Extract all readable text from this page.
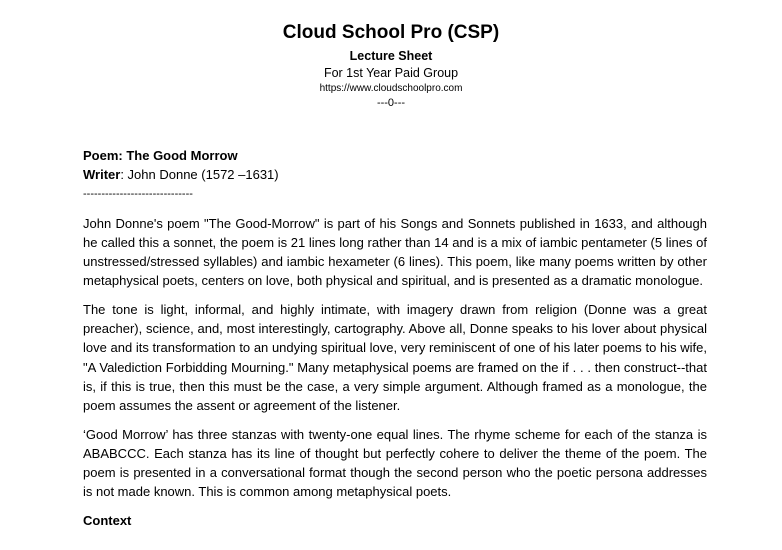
Cloud School Pro (CSP)
Lecture Sheet
For 1st Year Paid Group
https://www.cloudschoolpro.com
---0---
Poem: The Good Morrow
Writer: John Donne (1572 –1631)
------------------------------

John Donne's poem "The Good-Morrow" is part of his Songs and Sonnets published in 1633, and although he called this a sonnet, the poem is 21 lines long rather than 14 and is a mix of iambic pentameter (5 lines of unstressed/stressed syllables) and iambic hexameter (6 lines). This poem, like many poems written by other metaphysical poets, centers on love, both physical and spiritual, and is presented as a dramatic monologue.

The tone is light, informal, and highly intimate, with imagery drawn from religion (Donne was a great preacher), science, and, most interestingly, cartography. Above all, Donne speaks to his lover about physical love and its transformation to an undying spiritual love, very reminiscent of one of his later poems to his wife, "A Valediction Forbidding Mourning." Many metaphysical poems are framed on the if . . . then construct--that is, if this is true, then this must be the case, a very simple argument. Although framed as a monologue, the poem assumes the assent or agreement of the listener.

‘Good Morrow’ has three stanzas with twenty-one equal lines. The rhyme scheme for each of the stanza is ABABCCC. Each stanza has its line of thought but perfectly cohere to deliver the theme of the poem. The poem is presented in a conversational format though the second person who the poetic persona addresses is not made known. This is common among metaphysical poets.

Context
